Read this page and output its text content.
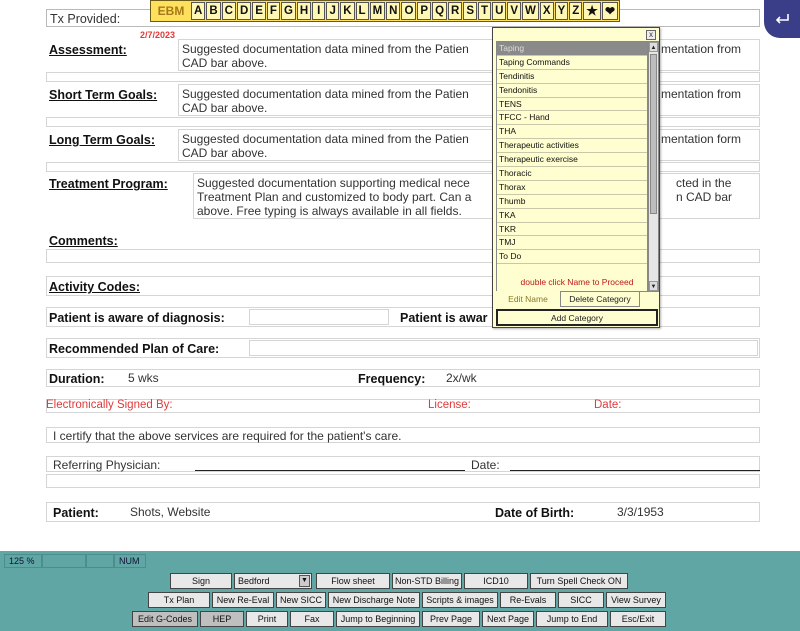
Tx Provided:
EBM A B C D E F G H I J K L M N O P Q R S T U V W X Y Z ★ ❤
2/7/2023
Assessment:	Suggested documentation data mined from the Patien
CAD bar above.
mentation from
Short Term Goals: Suggested documentation data mined from the Patien
CAD bar above.
mentation from
Long Term Goals: Suggested documentation data mined from the Patien
CAD bar above.
mentation form
Treatment Program: Suggested documentation supporting medical nece
Treatment Plan and customized to body part. Can a
above. Free typing is always available in all fields.
cted in the
n CAD bar
Comments:
Activity Codes:
Patient is aware of diagnosis:	Patient is awar
Recommended Plan of Care:
Duration: 5 wks	Frequency: 2x/wk
Electronically Signed By:	License:	Date:
I certify that the above services are required for the patient's care.
Referring Physician:	Date:
Patient:	Shots, Website	Date of Birth:	3/3/1953
x
Taping
Taping Commands
Tendinitis
Tendonitis
TENS
TFCC - Hand
THA
Therapeutic activities
Therapeutic exercise
Thoracic
Thorax
Thumb
TKA
TKR
TMJ
To Do
▲
▼
double click Name to Proceed
Edit Name	Delete Category
Add Category
125 %	NUM
Sign	Bedford	▼	Flow sheet	Non-STD Billing	ICD10	Turn Spell Check ON
Tx Plan	New Re-Eval	New SICC	New Discharge Note	Scripts & images	Re-Evals	SICC	View Survey
Edit G-Codes	HEP	Print	Fax	Jump to Beginning	Prev Page	Next Page	Jump to End	Esc/Exit
